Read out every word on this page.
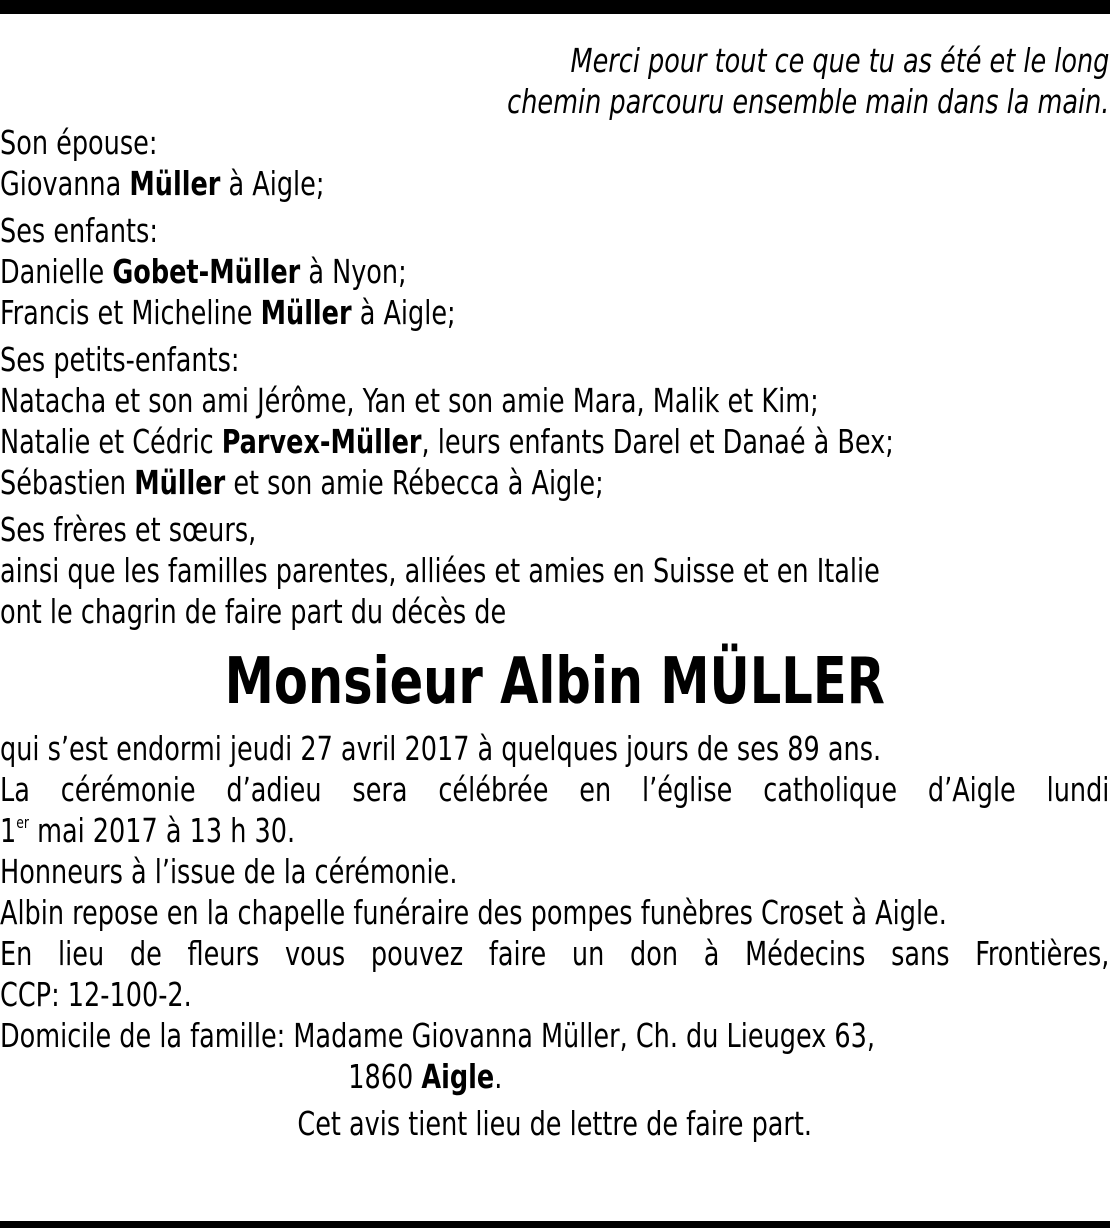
Merci pour tout ce que tu as été et le long
chemin parcouru ensemble main dans la main.
Son épouse:
Giovanna Müller à Aigle;
Ses enfants:
Danielle Gobet-Müller à Nyon;
Francis et Micheline Müller à Aigle;
Ses petits-enfants:
Natacha et son ami Jérôme, Yan et son amie Mara, Malik et Kim;
Natalie et Cédric Parvex-Müller, leurs enfants Darel et Danaé à Bex;
Sébastien Müller et son amie Rébecca à Aigle;
Ses frères et sœurs,
ainsi que les familles parentes, alliées et amies en Suisse et en Italie
ont le chagrin de faire part du décès de
Monsieur Albin MÜLLER
qui s’est endormi jeudi 27 avril 2017 à quelques jours de ses 89 ans.
La cérémonie d’adieu sera célébrée en l’église catholique d’Aigle lundi
1er mai 2017 à 13 h 30.
Honneurs à l’issue de la cérémonie.
Albin repose en la chapelle funéraire des pompes funèbres Croset à Aigle.
En lieu de fleurs vous pouvez faire un don à Médecins sans Frontières,
CCP: 12-100-2.
Domicile de la famille: Madame Giovanna Müller, Ch. du Lieugex 63,
1860 Aigle.
Cet avis tient lieu de lettre de faire part.
